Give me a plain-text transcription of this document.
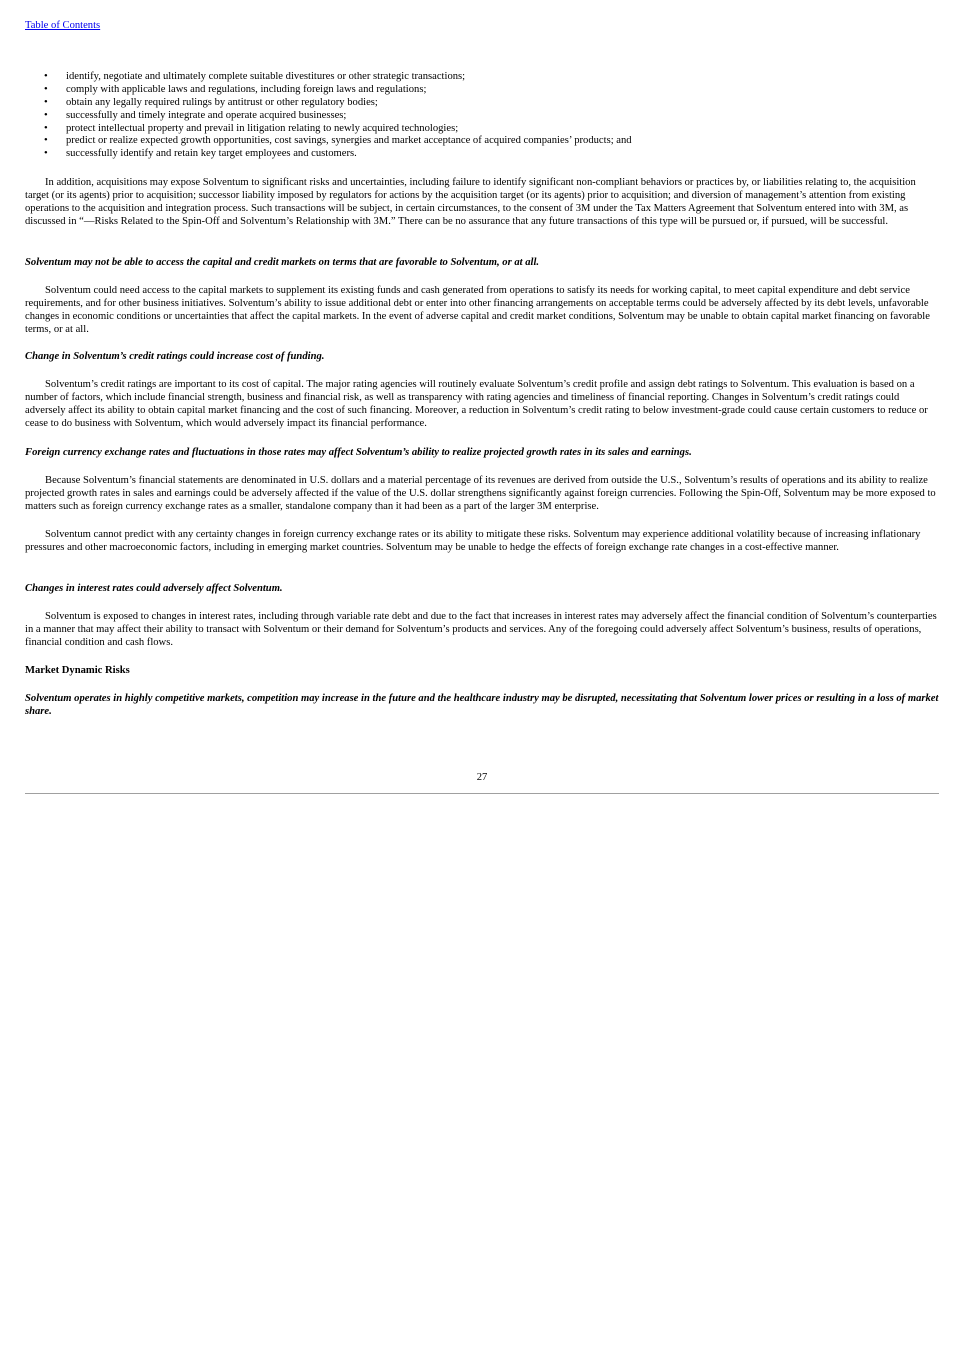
Table of Contents
• identify, negotiate and ultimately complete suitable divestitures or other strategic transactions;
• comply with applicable laws and regulations, including foreign laws and regulations;
• obtain any legally required rulings by antitrust or other regulatory bodies;
• successfully and timely integrate and operate acquired businesses;
• protect intellectual property and prevail in litigation relating to newly acquired technologies;
• predict or realize expected growth opportunities, cost savings, synergies and market acceptance of acquired companies’ products; and
• successfully identify and retain key target employees and customers.

In addition, acquisitions may expose Solventum to significant risks and uncertainties, including failure to identify significant non-compliant behaviors or practices by, or liabilities relating to, the acquisition target (or its agents) prior to acquisition; successor liability imposed by regulators for actions by the acquisition target (or its agents) prior to acquisition; and diversion of management’s attention from existing operations to the acquisition and integration process. Such transactions will be subject, in certain circumstances, to the consent of 3M under the Tax Matters Agreement that Solventum entered into with 3M, as discussed in “—Risks Related to the Spin-Off and Solventum’s Relationship with 3M.” There can be no assurance that any future transactions of this type will be pursued or, if pursued, will be successful.

Solventum may not be able to access the capital and credit markets on terms that are favorable to Solventum, or at all.

Solventum could need access to the capital markets to supplement its existing funds and cash generated from operations to satisfy its needs for working capital, to meet capital expenditure and debt service requirements, and for other business initiatives. Solventum’s ability to issue additional debt or enter into other financing arrangements on acceptable terms could be adversely affected by its debt levels, unfavorable changes in economic conditions or uncertainties that affect the capital markets. In the event of adverse capital and credit market conditions, Solventum may be unable to obtain capital market financing on favorable terms, or at all.

Change in Solventum’s credit ratings could increase cost of funding.

Solventum’s credit ratings are important to its cost of capital. The major rating agencies will routinely evaluate Solventum’s credit profile and assign debt ratings to Solventum. This evaluation is based on a number of factors, which include financial strength, business and financial risk, as well as transparency with rating agencies and timeliness of financial reporting. Changes in Solventum’s credit ratings could adversely affect its ability to obtain capital market financing and the cost of such financing. Moreover, a reduction in Solventum’s credit rating to below investment-grade could cause certain customers to reduce or cease to do business with Solventum, which would adversely impact its financial performance.

Foreign currency exchange rates and fluctuations in those rates may affect Solventum’s ability to realize projected growth rates in its sales and earnings.

Because Solventum’s financial statements are denominated in U.S. dollars and a material percentage of its revenues are derived from outside the U.S., Solventum’s results of operations and its ability to realize projected growth rates in sales and earnings could be adversely affected if the value of the U.S. dollar strengthens significantly against foreign currencies. Following the Spin-Off, Solventum may be more exposed to matters such as foreign currency exchange rates as a smaller, standalone company than it had been as a part of the larger 3M enterprise.

Solventum cannot predict with any certainty changes in foreign currency exchange rates or its ability to mitigate these risks. Solventum may experience additional volatility because of increasing inflationary pressures and other macroeconomic factors, including in emerging market countries. Solventum may be unable to hedge the effects of foreign exchange rate changes in a cost-effective manner.

Changes in interest rates could adversely affect Solventum.

Solventum is exposed to changes in interest rates, including through variable rate debt and due to the fact that increases in interest rates may adversely affect the financial condition of Solventum’s counterparties in a manner that may affect their ability to transact with Solventum or their demand for Solventum’s products and services. Any of the foregoing could adversely affect Solventum’s business, results of operations, financial condition and cash flows.

Market Dynamic Risks

Solventum operates in highly competitive markets, competition may increase in the future and the healthcare industry may be disrupted, necessitating that Solventum lower prices or resulting in a loss of market share.

27
